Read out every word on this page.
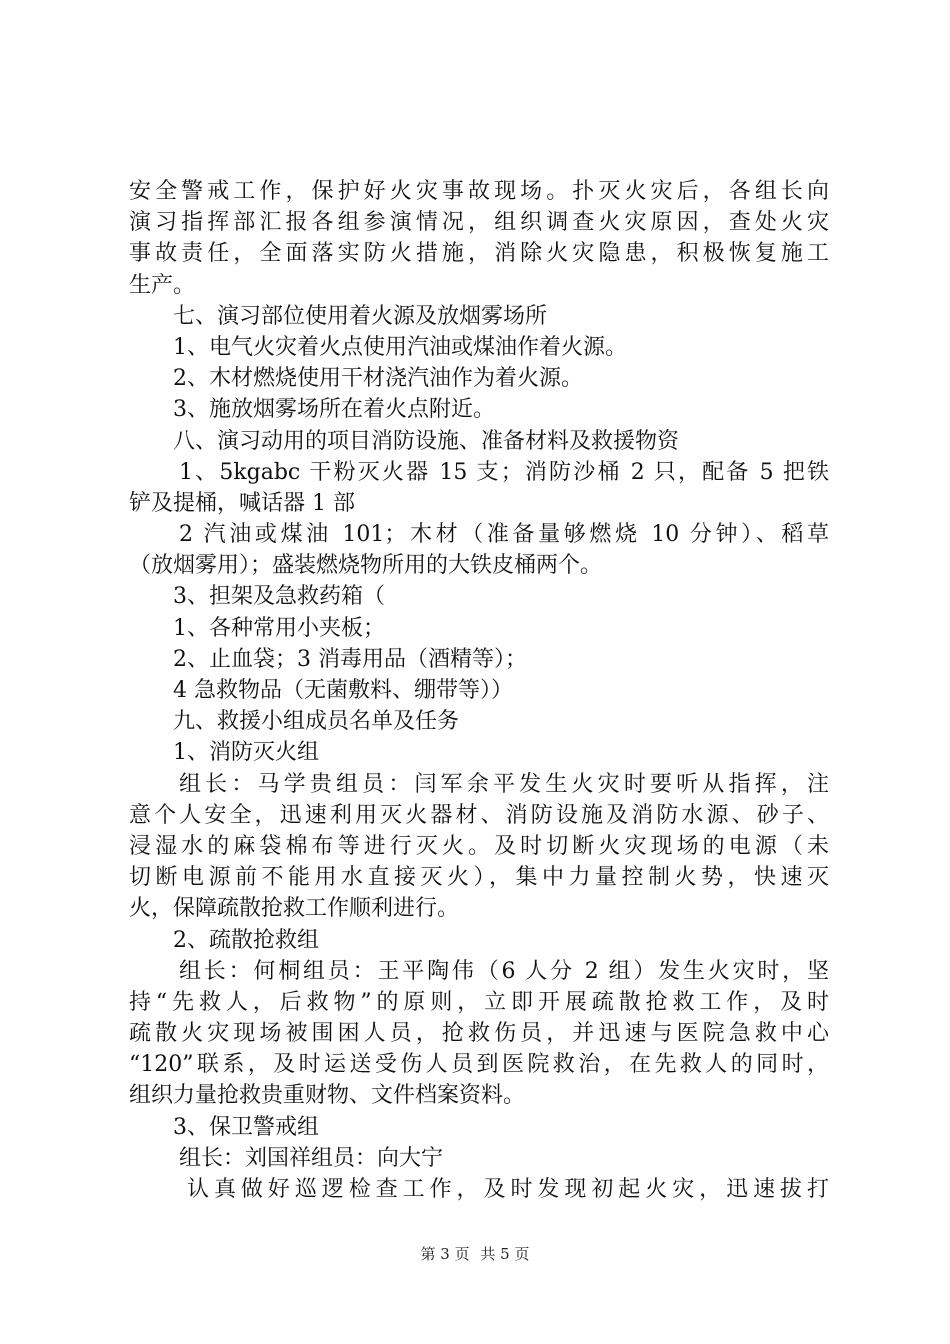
安全警戒工作，保护好火灾事故现场。扑灭火灾后，各组长向
演习指挥部汇报各组参演情况，组织调查火灾原因，查处火灾
事故责任，全面落实防火措施，消除火灾隐患，积极恢复施工
生产。
七、演习部位使用着火源及放烟雾场所
1、电气火灾着火点使用汽油或煤油作着火源。
2、木材燃烧使用干材浇汽油作为着火源。
3、施放烟雾场所在着火点附近。
八、演习动用的项目消防设施、准备材料及救援物资
1、5kgabc 干粉灭火器 15 支；消防沙桶 2 只，配备 5 把铁
铲及提桶，喊话器 1 部
2 汽油或煤油 101；木材（准备量够燃烧 10 分钟）、稻草
（放烟雾用）；盛装燃烧物所用的大铁皮桶两个。
3、担架及急救药箱（
1、各种常用小夹板；
2、止血袋；3 消毒用品（酒精等）；
4 急救物品（无菌敷料、绷带等））
九、救援小组成员名单及任务
1、消防灭火组
组长：马学贵组员：闫军余平发生火灾时要听从指挥，注
意个人安全，迅速利用灭火器材、消防设施及消防水源、砂子、
浸湿水的麻袋棉布等进行灭火。及时切断火灾现场的电源（未
切断电源前不能用水直接灭火），集中力量控制火势，快速灭
火，保障疏散抢救工作顺利进行。
2、疏散抢救组
组长：何桐组员：王平陶伟（6 人分 2 组）发生火灾时，坚
持“先救人，后救物”的原则，立即开展疏散抢救工作，及时
疏散火灾现场被围困人员，抢救伤员，并迅速与医院急救中心
“120”联系，及时运送受伤人员到医院救治，在先救人的同时，
组织力量抢救贵重财物、文件档案资料。
3、保卫警戒组
组长：刘国祥组员：向大宁
认真做好巡逻检查工作，及时发现初起火灾，迅速拔打
第 3 页 共 5 页
